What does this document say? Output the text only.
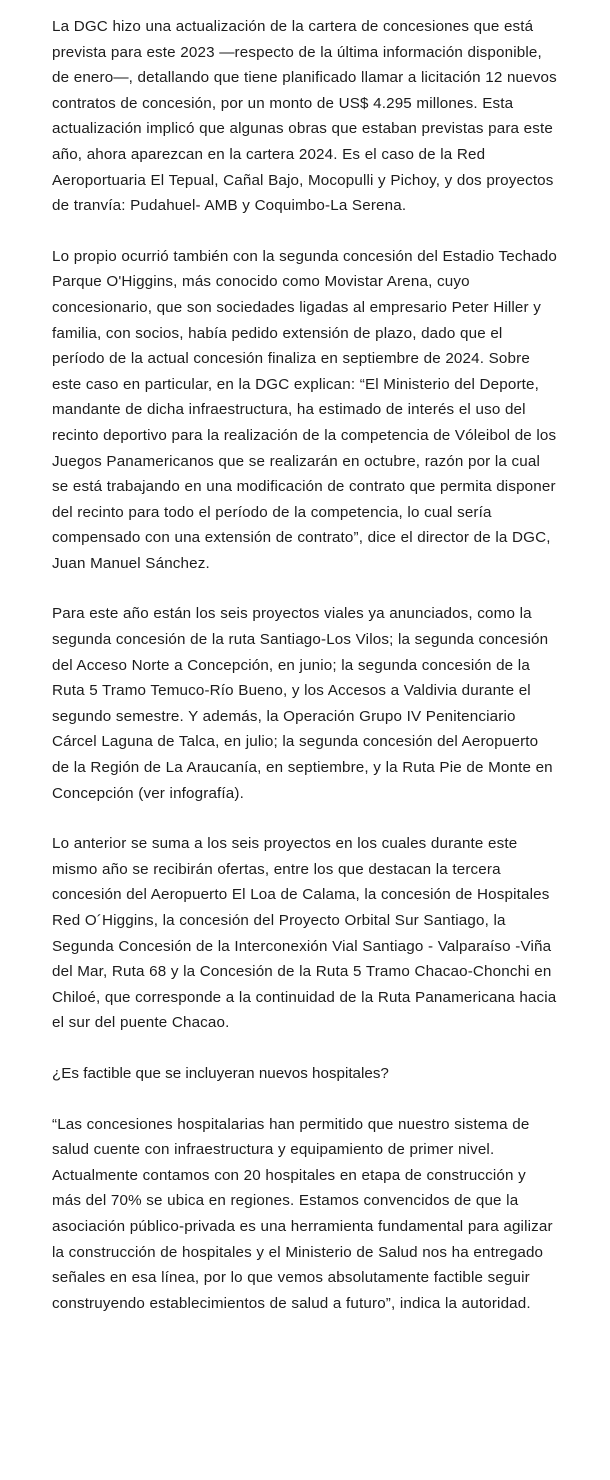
La DGC hizo una actualización de la cartera de concesiones que está prevista para este 2023 —respecto de la última información disponible, de enero—, detallando que tiene planificado llamar a licitación 12 nuevos contratos de concesión, por un monto de US$ 4.295 millones. Esta actualización implicó que algunas obras que estaban previstas para este año, ahora aparezcan en la cartera 2024. Es el caso de la Red Aeroportuaria El Tepual, Cañal Bajo, Mocopulli y Pichoy, y dos proyectos de tranvía: Pudahuel- AMB y Coquimbo-La Serena.

Lo propio ocurrió también con la segunda concesión del Estadio Techado Parque O'Higgins, más conocido como Movistar Arena, cuyo concesionario, que son sociedades ligadas al empresario Peter Hiller y familia, con socios, había pedido extensión de plazo, dado que el período de la actual concesión finaliza en septiembre de 2024. Sobre este caso en particular, en la DGC explican: “El Ministerio del Deporte, mandante de dicha infraestructura, ha estimado de interés el uso del recinto deportivo para la realización de la competencia de Vóleibol de los Juegos Panamericanos que se realizarán en octubre, razón por la cual se está trabajando en una modificación de contrato que permita disponer del recinto para todo el período de la competencia, lo cual sería compensado con una extensión de contrato”, dice el director de la DGC, Juan Manuel Sánchez.

Para este año están los seis proyectos viales ya anunciados, como la segunda concesión de la ruta Santiago-Los Vilos; la segunda concesión del Acceso Norte a Concepción, en junio; la segunda concesión de la Ruta 5 Tramo Temuco-Río Bueno, y los Accesos a Valdivia durante el segundo semestre. Y además, la Operación Grupo IV Penitenciario Cárcel Laguna de Talca, en julio; la segunda concesión del Aeropuerto de la Región de La Araucanía, en septiembre, y la Ruta Pie de Monte en Concepción (ver infografía).

Lo anterior se suma a los seis proyectos en los cuales durante este mismo año se recibirán ofertas, entre los que destacan la tercera concesión del Aeropuerto El Loa de Calama, la concesión de Hospitales Red O´Higgins, la concesión del Proyecto Orbital Sur Santiago, la Segunda Concesión de la Interconexión Vial Santiago - Valparaíso -Viña del Mar, Ruta 68 y la Concesión de la Ruta 5 Tramo Chacao-Chonchi en Chiloé, que corresponde a la continuidad de la Ruta Panamericana hacia el sur del puente Chacao.

¿Es factible que se incluyeran nuevos hospitales?

“Las concesiones hospitalarias han permitido que nuestro sistema de salud cuente con infraestructura y equipamiento de primer nivel. Actualmente contamos con 20 hospitales en etapa de construcción y más del 70% se ubica en regiones. Estamos convencidos de que la asociación público-privada es una herramienta fundamental para agilizar la construcción de hospitales y el Ministerio de Salud nos ha entregado señales en esa línea, por lo que vemos absolutamente factible seguir construyendo establecimientos de salud a futuro”, indica la autoridad.
